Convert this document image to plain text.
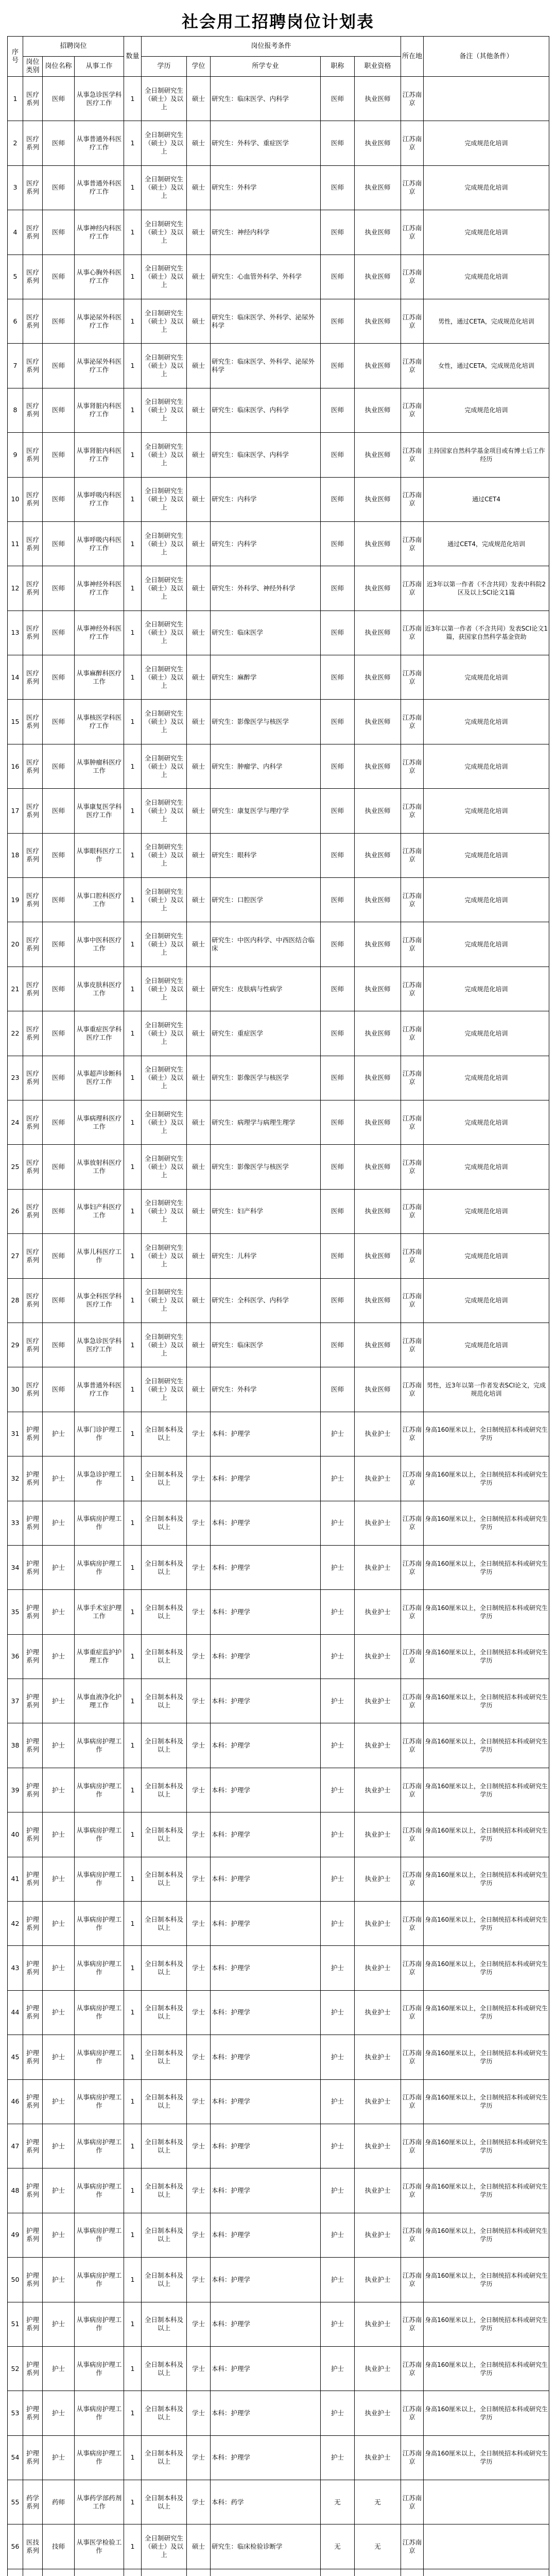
社会用工招聘岗位计划表
序号	招聘岗位			数量	岗位报考条件					所在地	备注（其他条件）
	岗位类别	岗位名称	从事工作		学历	学位	所学专业	职称	职业资格		
1	医疗系列	医师	从事急诊医学科医疗工作	1	全日制研究生（硕士）及以上	硕士	研究生：临床医学、内科学	医师	执业医师	江苏南京	
2	医疗系列	医师	从事普通外科医疗工作	1	全日制研究生（硕士）及以上	硕士	研究生：外科学、重症医学	医师	执业医师	江苏南京	完成规范化培训
3	医疗系列	医师	从事普通外科医疗工作	1	全日制研究生（硕士）及以上	硕士	研究生：外科学	医师	执业医师	江苏南京	完成规范化培训
4	医疗系列	医师	从事神经内科医疗工作	1	全日制研究生（硕士）及以上	硕士	研究生：神经内科学	医师	执业医师	江苏南京	完成规范化培训
5	医疗系列	医师	从事心胸外科医疗工作	1	全日制研究生（硕士）及以上	硕士	研究生：心血管外科学、外科学	医师	执业医师	江苏南京	完成规范化培训
6	医疗系列	医师	从事泌尿外科医疗工作	1	全日制研究生（硕士）及以上	硕士	研究生：临床医学、外科学、泌尿外科学	医师	执业医师	江苏南京	男性，通过CETA，完成规范化培训
7	医疗系列	医师	从事泌尿外科医疗工作	1	全日制研究生（硕士）及以上	硕士	研究生：临床医学、外科学、泌尿外科学	医师	执业医师	江苏南京	女性，通过CETA，完成规范化培训
8	医疗系列	医师	从事肾脏内科医疗工作	1	全日制研究生（硕士）及以上	硕士	研究生：临床医学、内科学	医师	执业医师	江苏南京	完成规范化培训
9	医疗系列	医师	从事肾脏内科医疗工作	1	全日制研究生（硕士）及以上	硕士	研究生：临床医学、内科学	医师	执业医师	江苏南京	主持国家自然科学基金项目或有博士后工作经历
10	医疗系列	医师	从事呼吸内科医疗工作	1	全日制研究生（硕士）及以上	硕士	研究生：内科学	医师	执业医师	江苏南京	通过CET4
11	医疗系列	医师	从事呼吸内科医疗工作	1	全日制研究生（硕士）及以上	硕士	研究生：内科学	医师	执业医师	江苏南京	通过CET4，完成规范化培训
12	医疗系列	医师	从事神经外科医疗工作	1	全日制研究生（硕士）及以上	硕士	研究生：外科学、神经外科学	医师	执业医师	江苏南京	近3年以第一作者（不含共同）发表中科院2区及以上SCI论文1篇
13	医疗系列	医师	从事神经外科医疗工作	1	全日制研究生（硕士）及以上	硕士	研究生：临床医学	医师	执业医师	江苏南京	近3年以第一作者（不含共同）发表SCI论文1篇，获国家自然科学基金资助
14	医疗系列	医师	从事麻醉科医疗工作	1	全日制研究生（硕士）及以上	硕士	研究生：麻醉学	医师	执业医师	江苏南京	完成规范化培训
15	医疗系列	医师	从事核医学科医疗工作	1	全日制研究生（硕士）及以上	硕士	研究生：影像医学与核医学	医师	执业医师	江苏南京	完成规范化培训
16	医疗系列	医师	从事肿瘤科医疗工作	1	全日制研究生（硕士）及以上	硕士	研究生：肿瘤学、内科学	医师	执业医师	江苏南京	完成规范化培训
17	医疗系列	医师	从事康复医学科医疗工作	1	全日制研究生（硕士）及以上	硕士	研究生：康复医学与理疗学	医师	执业医师	江苏南京	完成规范化培训
18	医疗系列	医师	从事眼科医疗工作	1	全日制研究生（硕士）及以上	硕士	研究生：眼科学	医师	执业医师	江苏南京	完成规范化培训
19	医疗系列	医师	从事口腔科医疗工作	1	全日制研究生（硕士）及以上	硕士	研究生：口腔医学	医师	执业医师	江苏南京	完成规范化培训
20	医疗系列	医师	从事中医科医疗工作	1	全日制研究生（硕士）及以上	硕士	研究生：中医内科学、中西医结合临床	医师	执业医师	江苏南京	完成规范化培训
21	医疗系列	医师	从事皮肤科医疗工作	1	全日制研究生（硕士）及以上	硕士	研究生：皮肤病与性病学	医师	执业医师	江苏南京	完成规范化培训
22	医疗系列	医师	从事重症医学科医疗工作	1	全日制研究生（硕士）及以上	硕士	研究生：重症医学	医师	执业医师	江苏南京	完成规范化培训
23	医疗系列	医师	从事超声诊断科医疗工作	1	全日制研究生（硕士）及以上	硕士	研究生：影像医学与核医学	医师	执业医师	江苏南京	完成规范化培训
24	医疗系列	医师	从事病理科医疗工作	1	全日制研究生（硕士）及以上	硕士	研究生：病理学与病理生理学	医师	执业医师	江苏南京	完成规范化培训
25	医疗系列	医师	从事放射科医疗工作	1	全日制研究生（硕士）及以上	硕士	研究生：影像医学与核医学	医师	执业医师	江苏南京	完成规范化培训
26	医疗系列	医师	从事妇产科医疗工作	1	全日制研究生（硕士）及以上	硕士	研究生：妇产科学	医师	执业医师	江苏南京	完成规范化培训
27	医疗系列	医师	从事儿科医疗工作	1	全日制研究生（硕士）及以上	硕士	研究生：儿科学	医师	执业医师	江苏南京	完成规范化培训
28	医疗系列	医师	从事全科医学科医疗工作	1	全日制研究生（硕士）及以上	硕士	研究生：全科医学、内科学	医师	执业医师	江苏南京	完成规范化培训
29	医疗系列	医师	从事急诊医学科医疗工作	1	全日制研究生（硕士）及以上	硕士	研究生：临床医学	医师	执业医师	江苏南京	完成规范化培训
30	医疗系列	医师	从事普通外科医疗工作	1	全日制研究生（硕士）及以上	硕士	研究生：外科学	医师	执业医师	江苏南京	男性，近3年以第一作者发表SCI论文，完成规范化培训
31	护理系列	护士	从事门诊护理工作	1	全日制本科及以上	学士	本科：护理学	护士	执业护士	江苏南京	身高160厘米以上，全日制统招本科或研究生学历
32	护理系列	护士	从事急诊护理工作	1	全日制本科及以上	学士	本科：护理学	护士	执业护士	江苏南京	身高160厘米以上，全日制统招本科或研究生学历
33	护理系列	护士	从事病房护理工作	1	全日制本科及以上	学士	本科：护理学	护士	执业护士	江苏南京	身高160厘米以上，全日制统招本科或研究生学历
34	护理系列	护士	从事病房护理工作	1	全日制本科及以上	学士	本科：护理学	护士	执业护士	江苏南京	身高160厘米以上，全日制统招本科或研究生学历
35	护理系列	护士	从事手术室护理工作	1	全日制本科及以上	学士	本科：护理学	护士	执业护士	江苏南京	身高160厘米以上，全日制统招本科或研究生学历
36	护理系列	护士	从事重症监护护理工作	1	全日制本科及以上	学士	本科：护理学	护士	执业护士	江苏南京	身高160厘米以上，全日制统招本科或研究生学历
37	护理系列	护士	从事血液净化护理工作	1	全日制本科及以上	学士	本科：护理学	护士	执业护士	江苏南京	身高160厘米以上，全日制统招本科或研究生学历
38	护理系列	护士	从事病房护理工作	1	全日制本科及以上	学士	本科：护理学	护士	执业护士	江苏南京	身高160厘米以上，全日制统招本科或研究生学历
39	护理系列	护士	从事病房护理工作	1	全日制本科及以上	学士	本科：护理学	护士	执业护士	江苏南京	身高160厘米以上，全日制统招本科或研究生学历
40	护理系列	护士	从事病房护理工作	1	全日制本科及以上	学士	本科：护理学	护士	执业护士	江苏南京	身高160厘米以上，全日制统招本科或研究生学历
41	护理系列	护士	从事病房护理工作	1	全日制本科及以上	学士	本科：护理学	护士	执业护士	江苏南京	身高160厘米以上，全日制统招本科或研究生学历
42	护理系列	护士	从事病房护理工作	1	全日制本科及以上	学士	本科：护理学	护士	执业护士	江苏南京	身高160厘米以上，全日制统招本科或研究生学历
43	护理系列	护士	从事病房护理工作	1	全日制本科及以上	学士	本科：护理学	护士	执业护士	江苏南京	身高160厘米以上，全日制统招本科或研究生学历
44	护理系列	护士	从事病房护理工作	1	全日制本科及以上	学士	本科：护理学	护士	执业护士	江苏南京	身高160厘米以上，全日制统招本科或研究生学历
45	护理系列	护士	从事病房护理工作	1	全日制本科及以上	学士	本科：护理学	护士	执业护士	江苏南京	身高160厘米以上，全日制统招本科或研究生学历
46	护理系列	护士	从事病房护理工作	1	全日制本科及以上	学士	本科：护理学	护士	执业护士	江苏南京	身高160厘米以上，全日制统招本科或研究生学历
47	护理系列	护士	从事病房护理工作	1	全日制本科及以上	学士	本科：护理学	护士	执业护士	江苏南京	身高160厘米以上，全日制统招本科或研究生学历
48	护理系列	护士	从事病房护理工作	1	全日制本科及以上	学士	本科：护理学	护士	执业护士	江苏南京	身高160厘米以上，全日制统招本科或研究生学历
49	护理系列	护士	从事病房护理工作	1	全日制本科及以上	学士	本科：护理学	护士	执业护士	江苏南京	身高160厘米以上，全日制统招本科或研究生学历
50	护理系列	护士	从事病房护理工作	1	全日制本科及以上	学士	本科：护理学	护士	执业护士	江苏南京	身高160厘米以上，全日制统招本科或研究生学历
51	护理系列	护士	从事病房护理工作	1	全日制本科及以上	学士	本科：护理学	护士	执业护士	江苏南京	身高160厘米以上，全日制统招本科或研究生学历
52	护理系列	护士	从事病房护理工作	1	全日制本科及以上	学士	本科：护理学	护士	执业护士	江苏南京	身高160厘米以上，全日制统招本科或研究生学历
53	护理系列	护士	从事病房护理工作	1	全日制本科及以上	学士	本科：护理学	护士	执业护士	江苏南京	身高160厘米以上，全日制统招本科或研究生学历
54	护理系列	护士	从事病房护理工作	1	全日制本科及以上	学士	本科：护理学	护士	执业护士	江苏南京	身高160厘米以上，全日制统招本科或研究生学历
55	药学系列	药师	从事药学部药剂工作	1	全日制本科及以上	学士	本科：药学	无	无	江苏南京	
56	医技系列	技师	从事医学检验工作	1	全日制研究生（硕士）及以上	硕士	研究生：临床检验诊断学	无	无	江苏南京	
